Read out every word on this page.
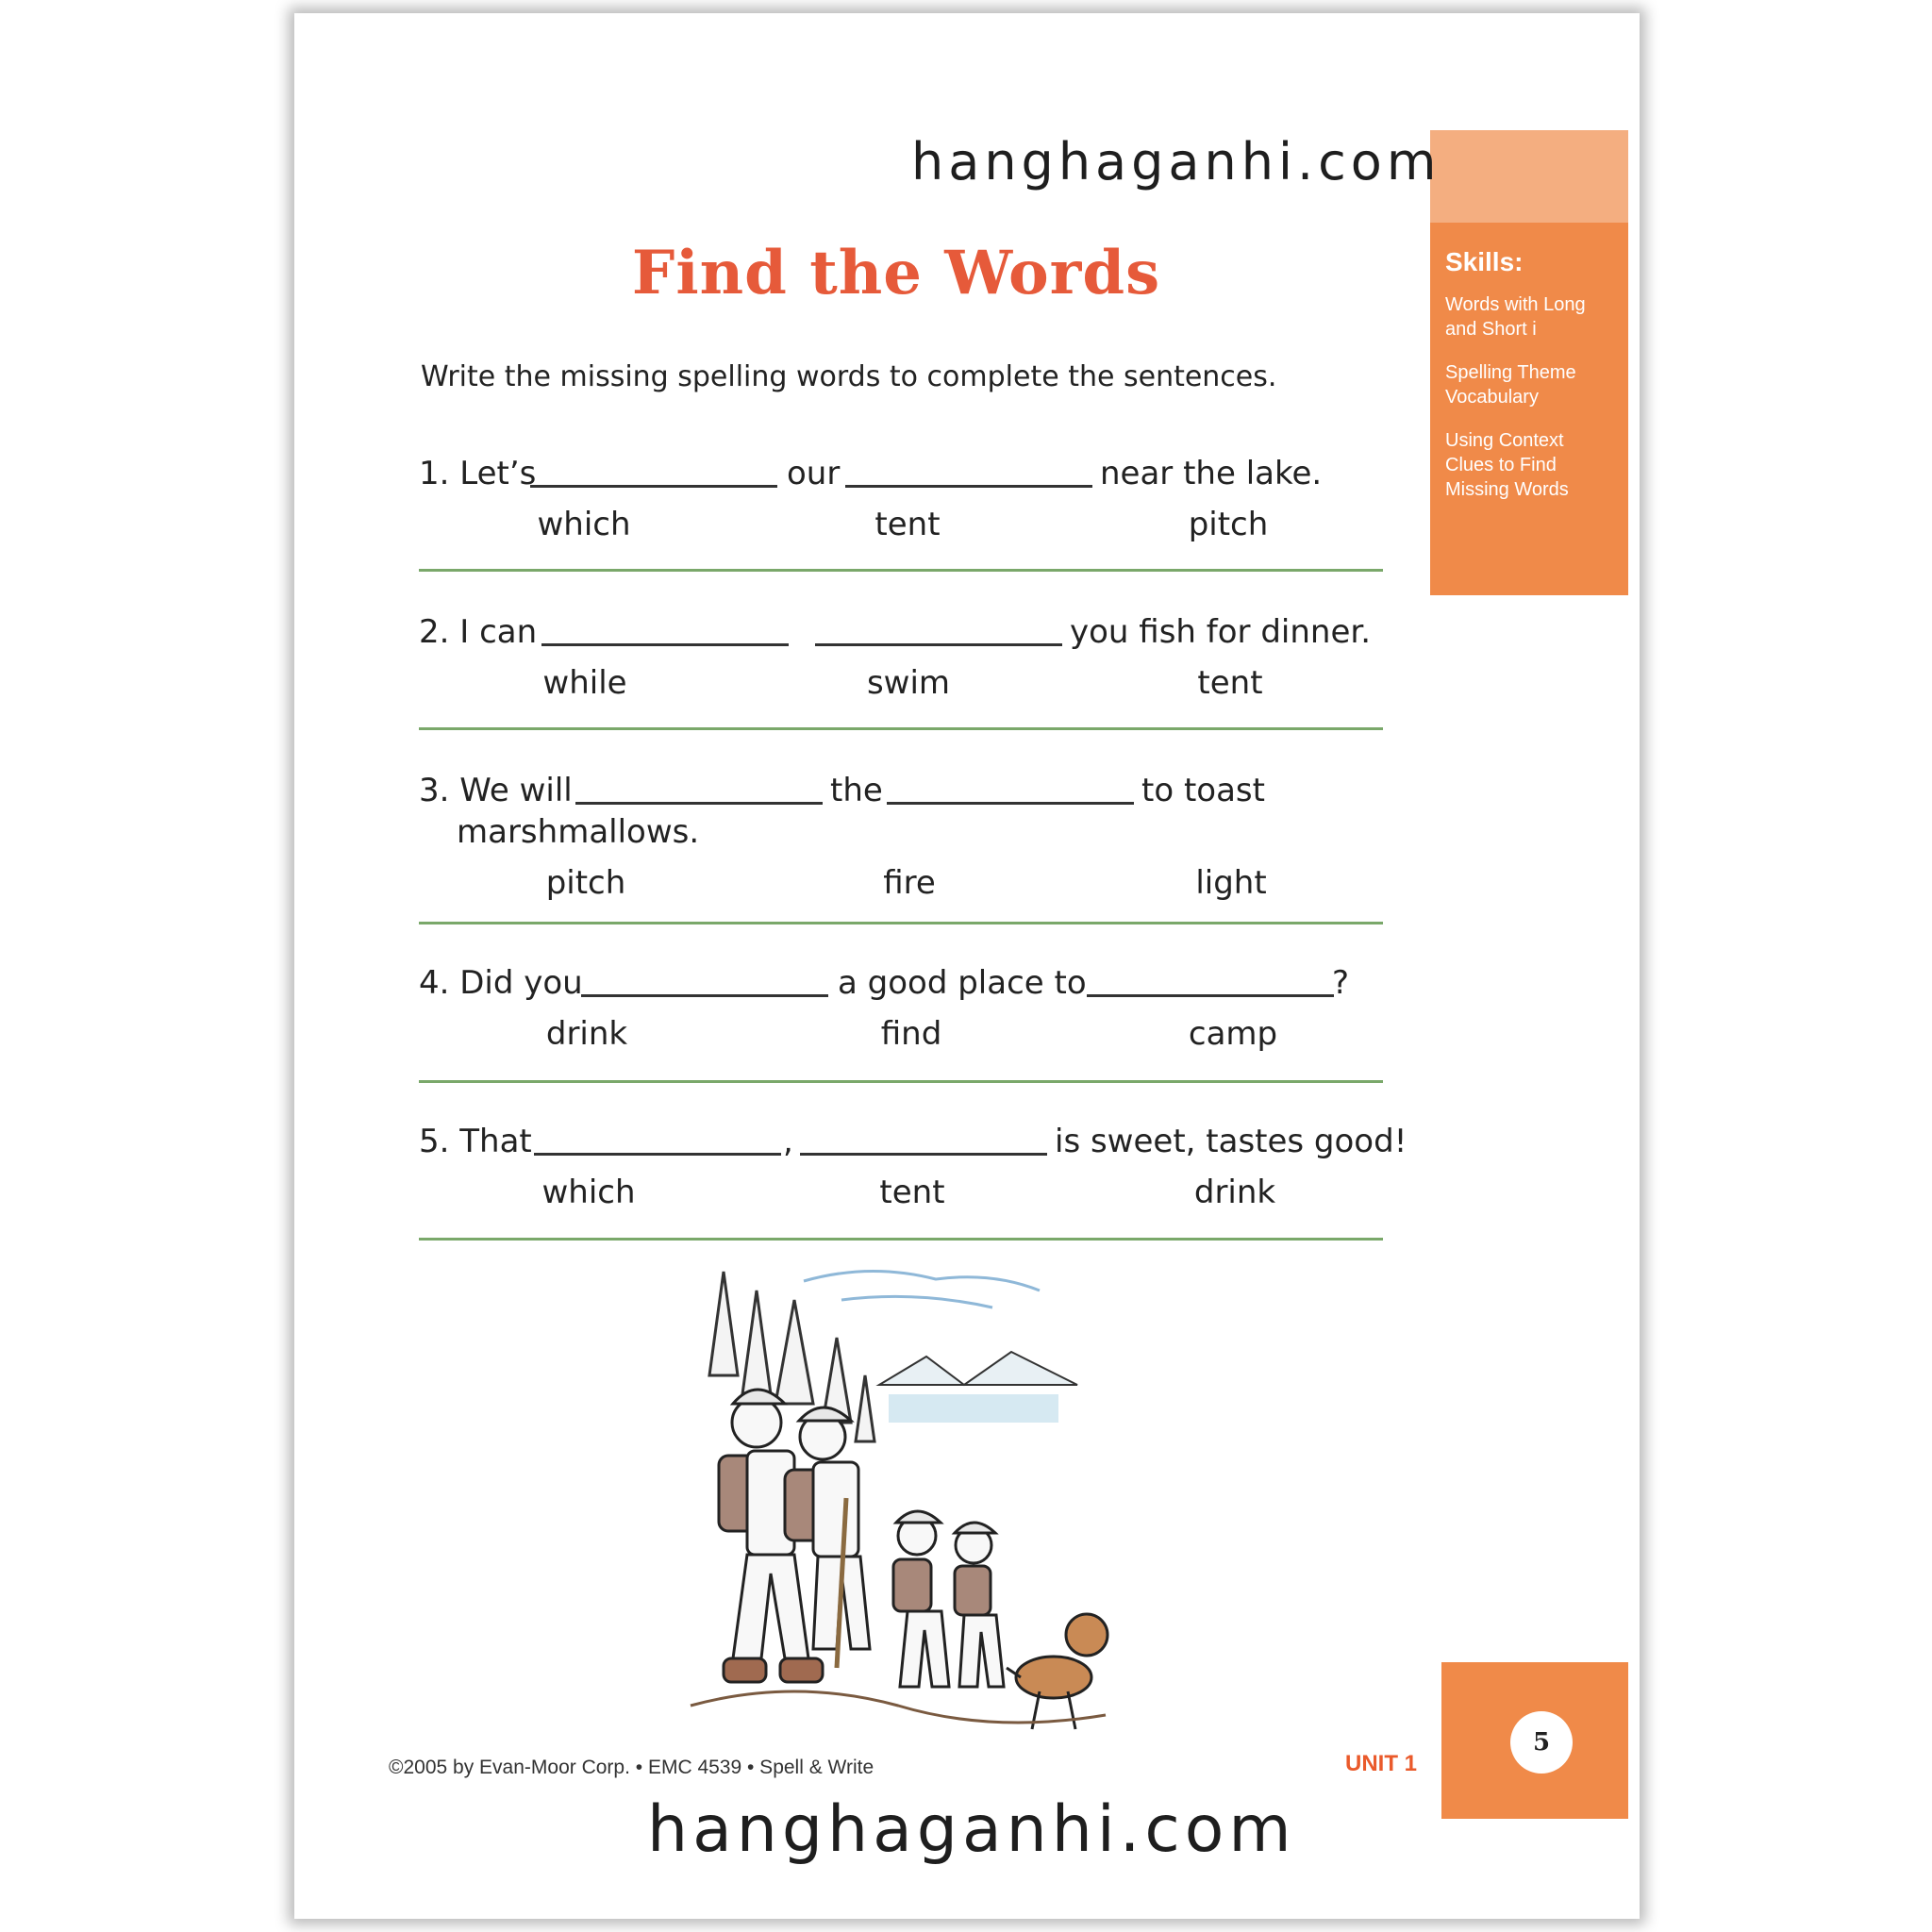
Skills:
Words with Long and Short i
Spelling Theme Vocabulary
Using Context Clues to Find Missing Words
hanghaganhi.com
Find the Words
Write the missing spelling words to complete the sentences.
1. Let’s	our	near the lake.
which	tent	pitch
2. I can	you fish for dinner.
while	swim	tent
3. We will	the	to toast
marshmallows.
pitch	fire	light
4. Did you	a good place to	?
drink	find	camp
5. That	,	is sweet, tastes good!
which	tent	drink
©2005 by Evan-Moor Corp. • EMC 4539 • Spell & Write	UNIT 1
5
hanghaganhi.com
